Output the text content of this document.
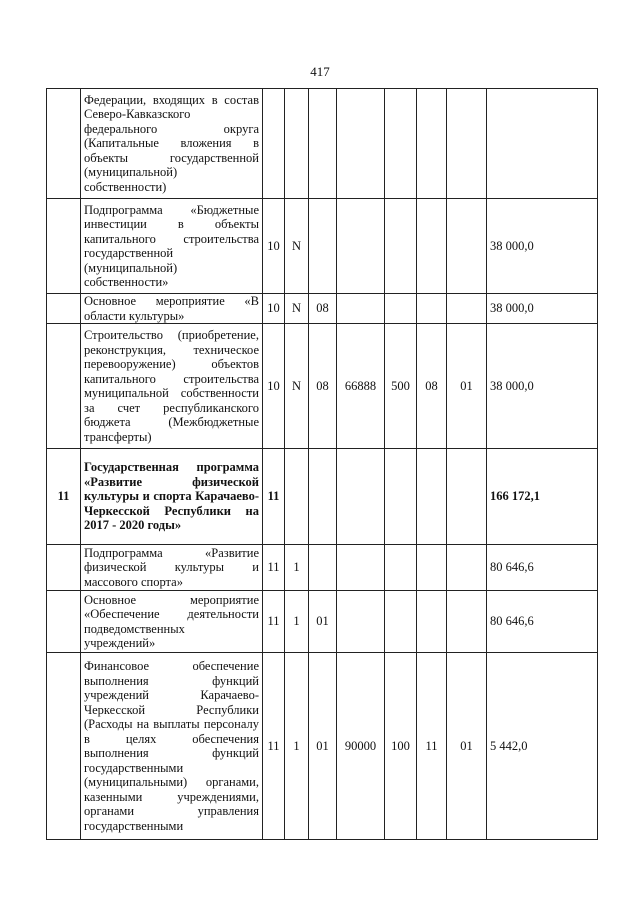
417
	Федерации, входящих в состав Северо-Кавказского федерального округа (Капитальные вложения в объекты государственной (муниципальной) собственности)								
	Подпрограмма «Бюджетные инвестиции в объекты капитального строительства государственной (муниципальной) собственности»	10	N						38 000,0
	Основное мероприятие «В области культуры»	10	N	08					38 000,0
	Строительство (приобретение, реконструкция, техническое перевооружение) объектов капитального строительства муниципальной собственности за счет республиканского бюджета (Межбюджетные трансферты)	10	N	08	66888	500	08	01	38 000,0
11	Государственная программа «Развитие физической культуры и спорта Карачаево-Черкесской Республики на 2017 - 2020 годы»	11							166 172,1
	Подпрограмма «Развитие физической культуры и массового спорта»	11	1						80 646,6
	Основное мероприятие «Обеспечение деятельности подведомственных учреждений»	11	1	01					80 646,6
	Финансовое обеспечение выполнения функций учреждений Карачаево-Черкесской Республики (Расходы на выплаты персоналу в целях обеспечения выполнения функций государственными (муниципальными) органами, казенными учреждениями, органами управления государственными	11	1	01	90000	100	11	01	5 442,0
